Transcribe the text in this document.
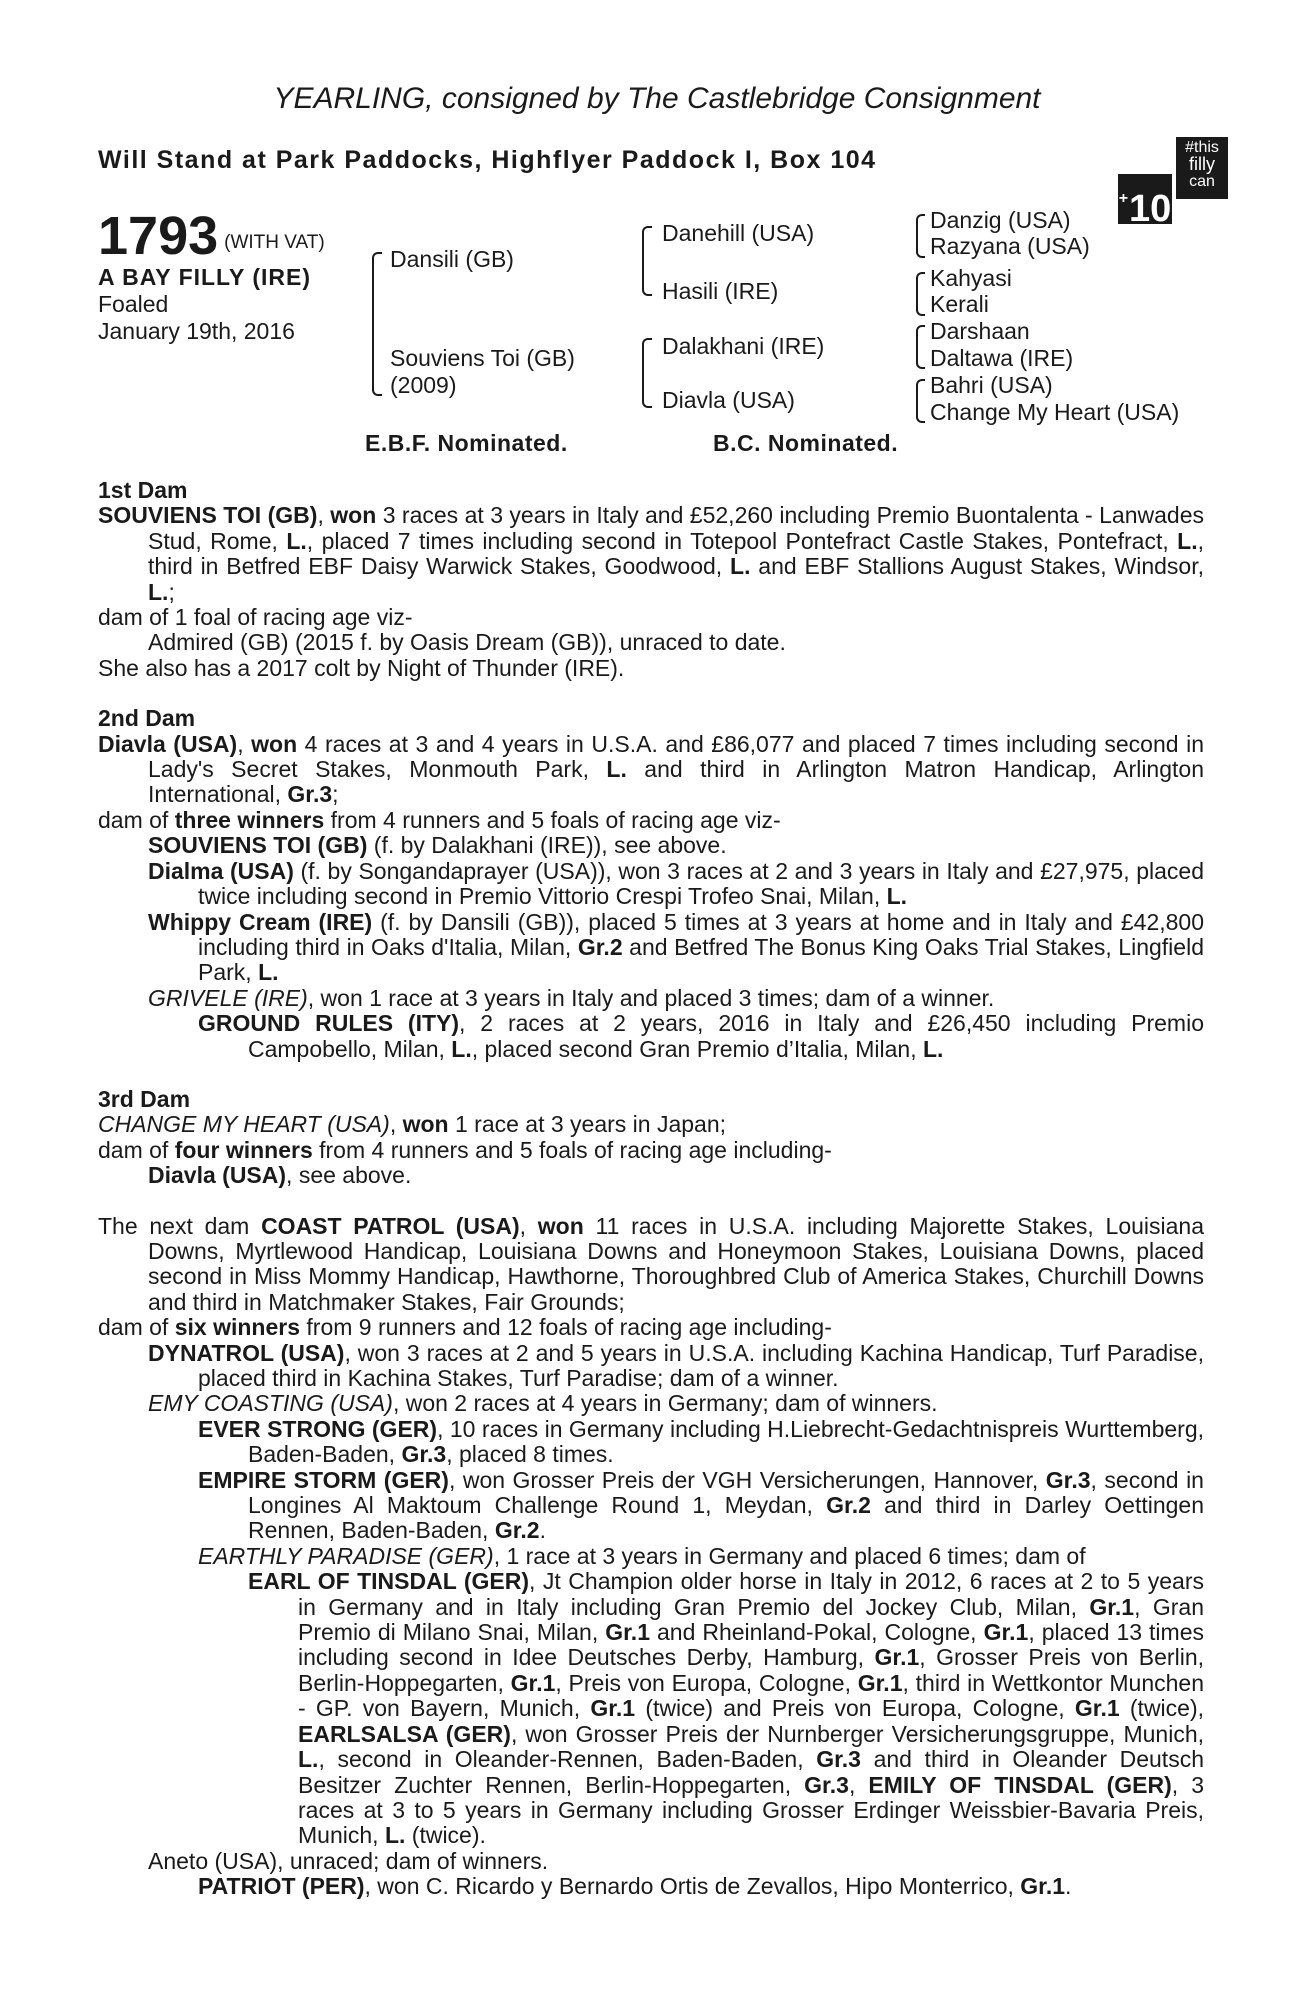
YEARLING, consigned by The Castlebridge Consignment
Will Stand at Park Paddocks, Highflyer Paddock I, Box 104
+10
#this
filly
can
1793 (WITH VAT)
A BAY FILLY (IRE)
Foaled
January 19th, 2016
Dansili (GB)
Souviens Toi (GB)
(2009)
Danehill (USA)
Hasili (IRE)
Dalakhani (IRE)
Diavla (USA)
Danzig (USA)
Razyana (USA)
Kahyasi
Kerali
Darshaan
Daltawa (IRE)
Bahri (USA)
Change My Heart (USA)
E.B.F. Nominated.	B.C. Nominated.

1st Dam

SOUVIENS TOI (GB), won 3 races at 3 years in Italy and £52,260 including Premio Buontalenta - Lanwades Stud, Rome, L., placed 7 times including second in Totepool Pontefract Castle Stakes, Pontefract, L., third in Betfred EBF Daisy Warwick Stakes, Goodwood, L. and EBF Stallions August Stakes, Windsor, L.;

dam of 1 foal of racing age viz-

Admired (GB) (2015 f. by Oasis Dream (GB)), unraced to date.

She also has a 2017 colt by Night of Thunder (IRE).

2nd Dam

Diavla (USA), won 4 races at 3 and 4 years in U.S.A. and £86,077 and placed 7 times including second in Lady's Secret Stakes, Monmouth Park, L. and third in Arlington Matron Handicap, Arlington International, Gr.3;

dam of three winners from 4 runners and 5 foals of racing age viz-

SOUVIENS TOI (GB) (f. by Dalakhani (IRE)), see above.

Dialma (USA) (f. by Songandaprayer (USA)), won 3 races at 2 and 3 years in Italy and £27,975, placed twice including second in Premio Vittorio Crespi Trofeo Snai, Milan, L.

Whippy Cream (IRE) (f. by Dansili (GB)), placed 5 times at 3 years at home and in Italy and £42,800 including third in Oaks d'Italia, Milan, Gr.2 and Betfred The Bonus King Oaks Trial Stakes, Lingfield Park, L.

GRIVELE (IRE), won 1 race at 3 years in Italy and placed 3 times; dam of a winner.

GROUND RULES (ITY), 2 races at 2 years, 2016 in Italy and £26,450 including Premio Campobello, Milan, L., placed second Gran Premio d’Italia, Milan, L.

3rd Dam

CHANGE MY HEART (USA), won 1 race at 3 years in Japan;

dam of four winners from 4 runners and 5 foals of racing age including-

Diavla (USA), see above.

The next dam COAST PATROL (USA), won 11 races in U.S.A. including Majorette Stakes, Louisiana Downs, Myrtlewood Handicap, Louisiana Downs and Honeymoon Stakes, Louisiana Downs, placed second in Miss Mommy Handicap, Hawthorne, Thoroughbred Club of America Stakes, Churchill Downs and third in Matchmaker Stakes, Fair Grounds;

dam of six winners from 9 runners and 12 foals of racing age including-

DYNATROL (USA), won 3 races at 2 and 5 years in U.S.A. including Kachina Handicap, Turf Paradise, placed third in Kachina Stakes, Turf Paradise; dam of a winner.

EMY COASTING (USA), won 2 races at 4 years in Germany; dam of winners.

EVER STRONG (GER), 10 races in Germany including H.Liebrecht-Gedachtnispreis Wurttemberg, Baden-Baden, Gr.3, placed 8 times.

EMPIRE STORM (GER), won Grosser Preis der VGH Versicherungen, Hannover, Gr.3, second in Longines Al Maktoum Challenge Round 1, Meydan, Gr.2 and third in Darley Oettingen Rennen, Baden-Baden, Gr.2.

EARTHLY PARADISE (GER), 1 race at 3 years in Germany and placed 6 times; dam of

EARL OF TINSDAL (GER), Jt Champion older horse in Italy in 2012, 6 races at 2 to 5 years in Germany and in Italy including Gran Premio del Jockey Club, Milan, Gr.1, Gran Premio di Milano Snai, Milan, Gr.1 and Rheinland-Pokal, Cologne, Gr.1, placed 13 times including second in Idee Deutsches Derby, Hamburg, Gr.1, Grosser Preis von Berlin, Berlin-Hoppegarten, Gr.1, Preis von Europa, Cologne, Gr.1, third in Wettkontor Munchen - GP. von Bayern, Munich, Gr.1 (twice) and Preis von Europa, Cologne, Gr.1 (twice), EARLSALSA (GER), won Grosser Preis der Nurnberger Versicherungsgruppe, Munich, L., second in Oleander-Rennen, Baden-Baden, Gr.3 and third in Oleander Deutsch Besitzer Zuchter Rennen, Berlin-Hoppegarten, Gr.3, EMILY OF TINSDAL (GER), 3 races at 3 to 5 years in Germany including Grosser Erdinger Weissbier-Bavaria Preis, Munich, L. (twice).

Aneto (USA), unraced; dam of winners.

PATRIOT (PER), won C. Ricardo y Bernardo Ortis de Zevallos, Hipo Monterrico, Gr.1.
